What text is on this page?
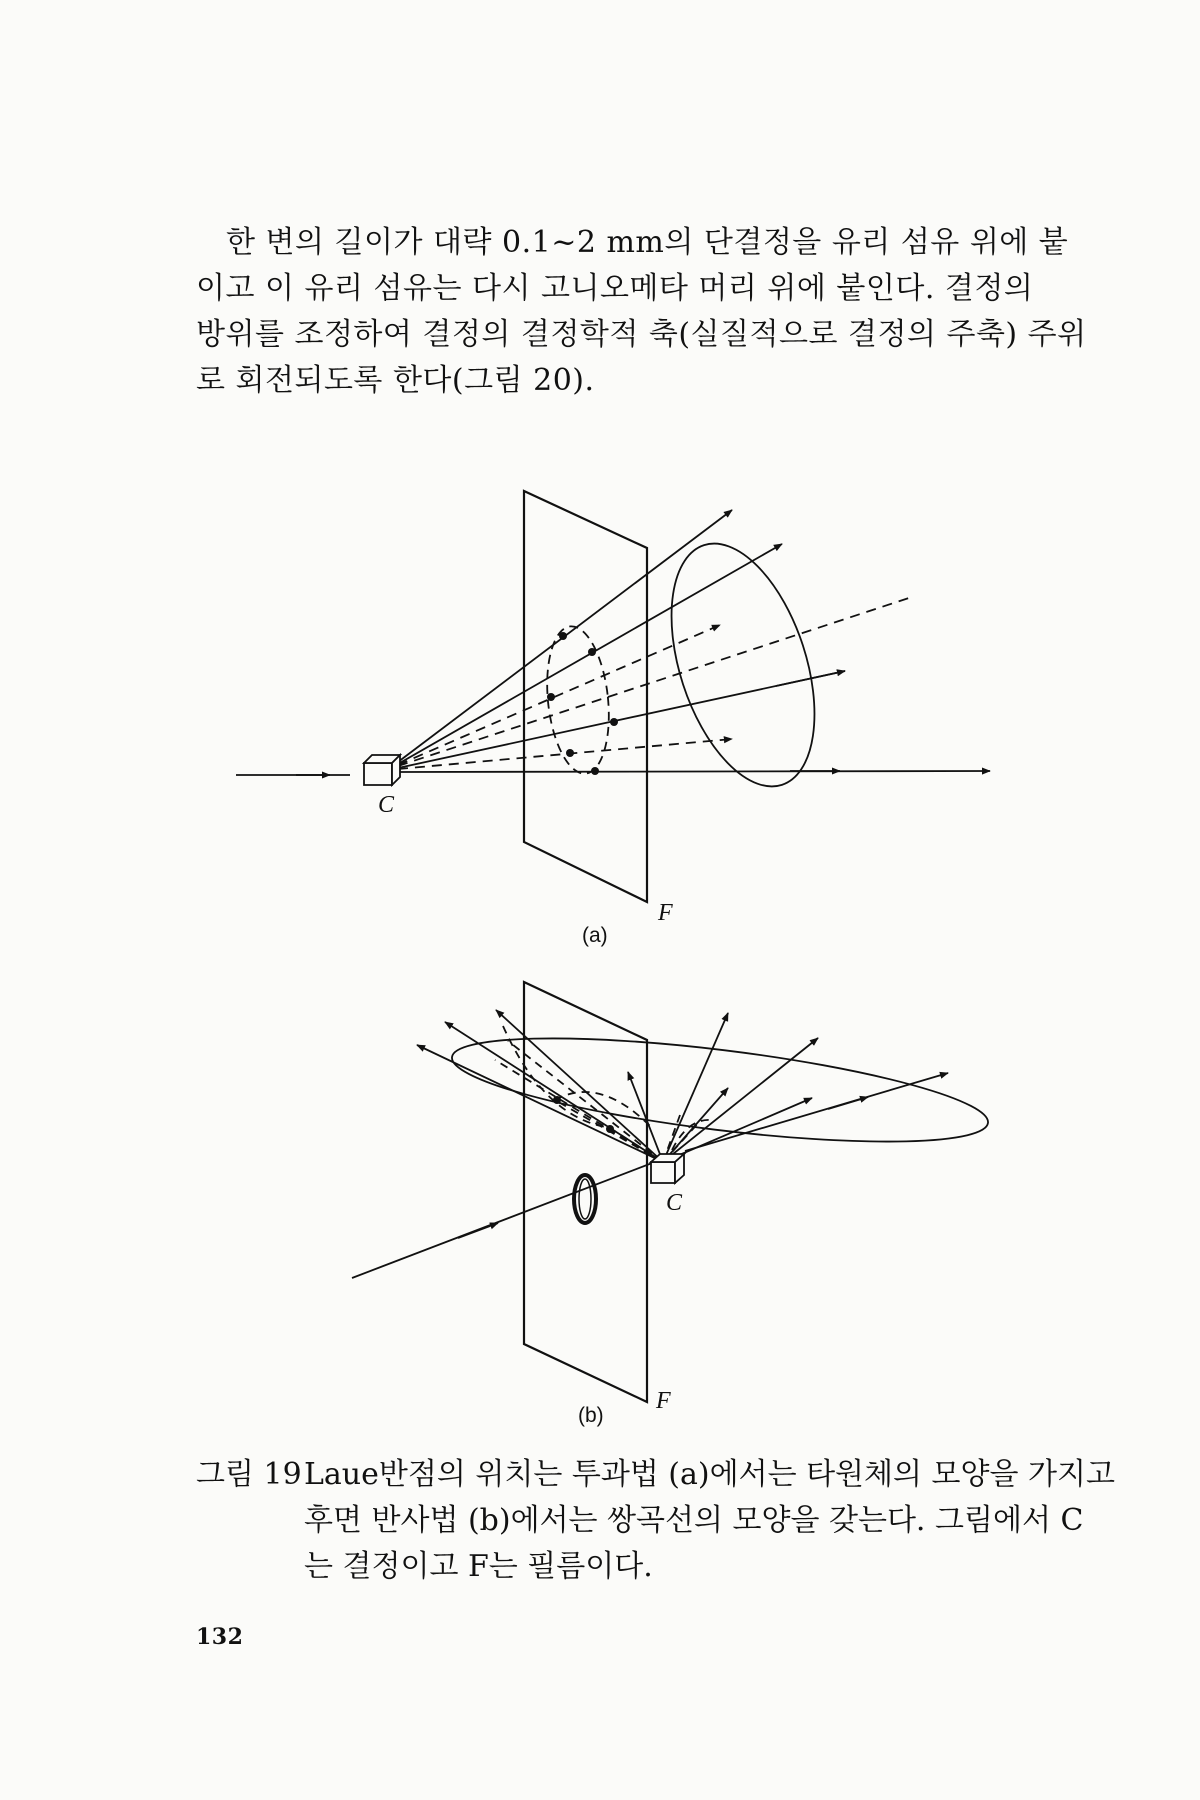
한 변의 길이가 대략 0.1~2 mm의 단결정을 유리 섬유 위에 붙
이고 이 유리 섬유는 다시 고니오메타 머리 위에 붙인다. 결정의
방위를 조정하여 결정의 결정학적 축(실질적으로 결정의 주축) 주위
로 회전되도록 한다(그림 20).

C
F
(a)
C
F
(b)
그림 19 Laue반점의 위치는 투과법 (a)에서는 타원체의 모양을 가지고
후면 반사법 (b)에서는 쌍곡선의 모양을 갖는다. 그림에서 C
는 결정이고 F는 필름이다.
132
